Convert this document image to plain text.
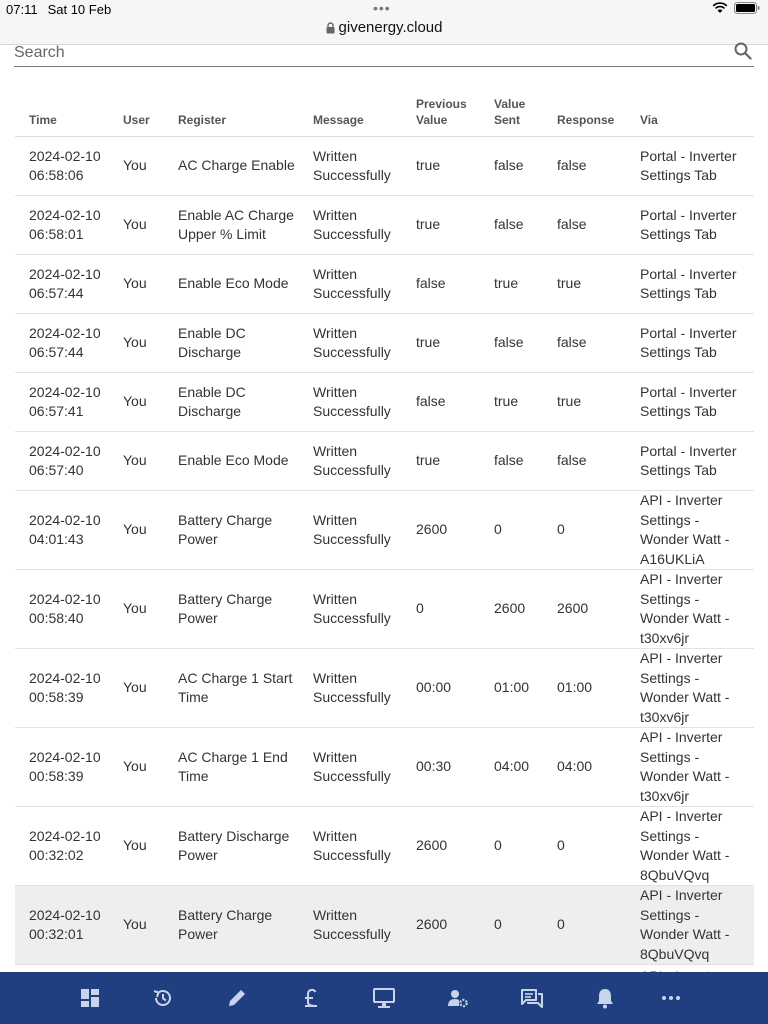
07:11 Sat 10 Feb	•••
givenergy.cloud
Search
Time	User	Register	Message	Previous Value	Value Sent	Response	Via
2024-02-10 06:58:06	You	AC Charge Enable	Written Successfully	true	false	false	Portal - Inverter Settings Tab
2024-02-10 06:58:01	You	Enable AC Charge Upper % Limit	Written Successfully	true	false	false	Portal - Inverter Settings Tab
2024-02-10 06:57:44	You	Enable Eco Mode	Written Successfully	false	true	true	Portal - Inverter Settings Tab
2024-02-10 06:57:44	You	Enable DC Discharge	Written Successfully	true	false	false	Portal - Inverter Settings Tab
2024-02-10 06:57:41	You	Enable DC Discharge	Written Successfully	false	true	true	Portal - Inverter Settings Tab
2024-02-10 06:57:40	You	Enable Eco Mode	Written Successfully	true	false	false	Portal - Inverter Settings Tab
2024-02-10 04:01:43	You	Battery Charge Power	Written Successfully	2600	0	0	API - Inverter Settings - Wonder Watt - A16UKLiA
2024-02-10 00:58:40	You	Battery Charge Power	Written Successfully	0	2600	2600	API - Inverter Settings - Wonder Watt - t30xv6jr
2024-02-10 00:58:39	You	AC Charge 1 Start Time	Written Successfully	00:00	01:00	01:00	API - Inverter Settings - Wonder Watt - t30xv6jr
2024-02-10 00:58:39	You	AC Charge 1 End Time	Written Successfully	00:30	04:00	04:00	API - Inverter Settings - Wonder Watt - t30xv6jr
2024-02-10 00:32:02	You	Battery Discharge Power	Written Successfully	2600	0	0	API - Inverter Settings - Wonder Watt - 8QbuVQvq
2024-02-10 00:32:01	You	Battery Charge Power	Written Successfully	2600	0	0	API - Inverter Settings - Wonder Watt - 8QbuVQvq
